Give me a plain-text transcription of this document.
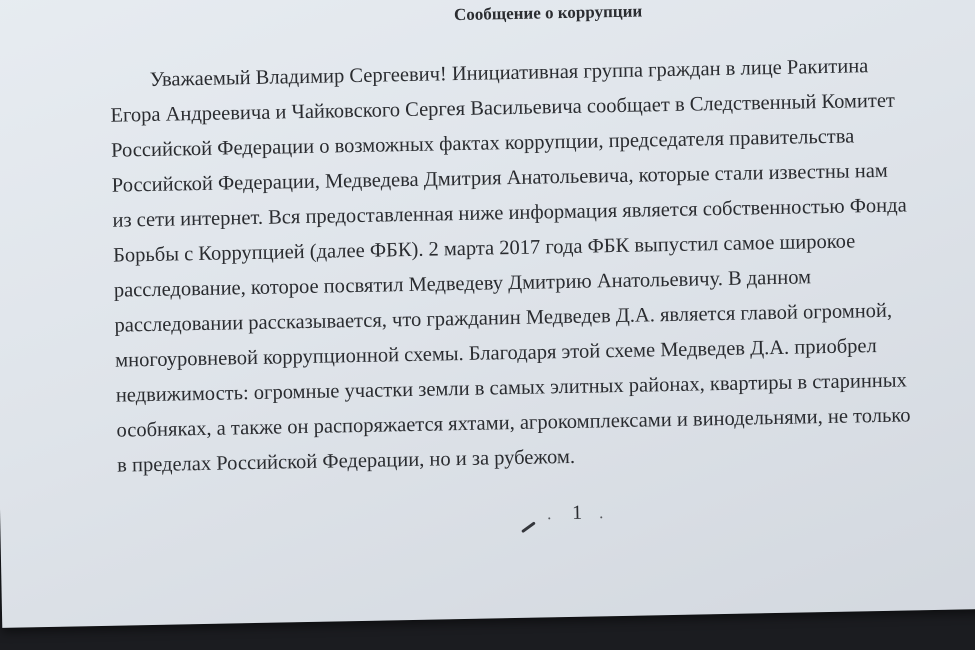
Сообщение о коррупции
Уважаемый Владимир Сергеевич! Инициативная группа граждан в лице Ракитина
Егора Андреевича и Чайковского Сергея Васильевича сообщает в Следственный Комитет
Российской Федерации о возможных фактах коррупции, председателя правительства
Российской Федерации, Медведева Дмитрия Анатольевича, которые стали известны нам
из сети интернет. Вся предоставленная ниже информация является собственностью Фонда
Борьбы с Коррупцией (далее ФБК). 2 марта 2017 года ФБК выпустил самое широкое
расследование, которое посвятил Медведеву Дмитрию Анатольевичу. В данном
расследовании рассказывается, что гражданин Медведев Д.А. является главой огромной,
многоуровневой коррупционной схемы. Благодаря этой схеме Медведев Д.А. приобрел
недвижимость: огромные участки земли в самых элитных районах, квартиры в старинных
особняках, а также он распоряжается яхтами, агрокомплексами и винодельнями, не только
в пределах Российской Федерации, но и за рубежом.
1
